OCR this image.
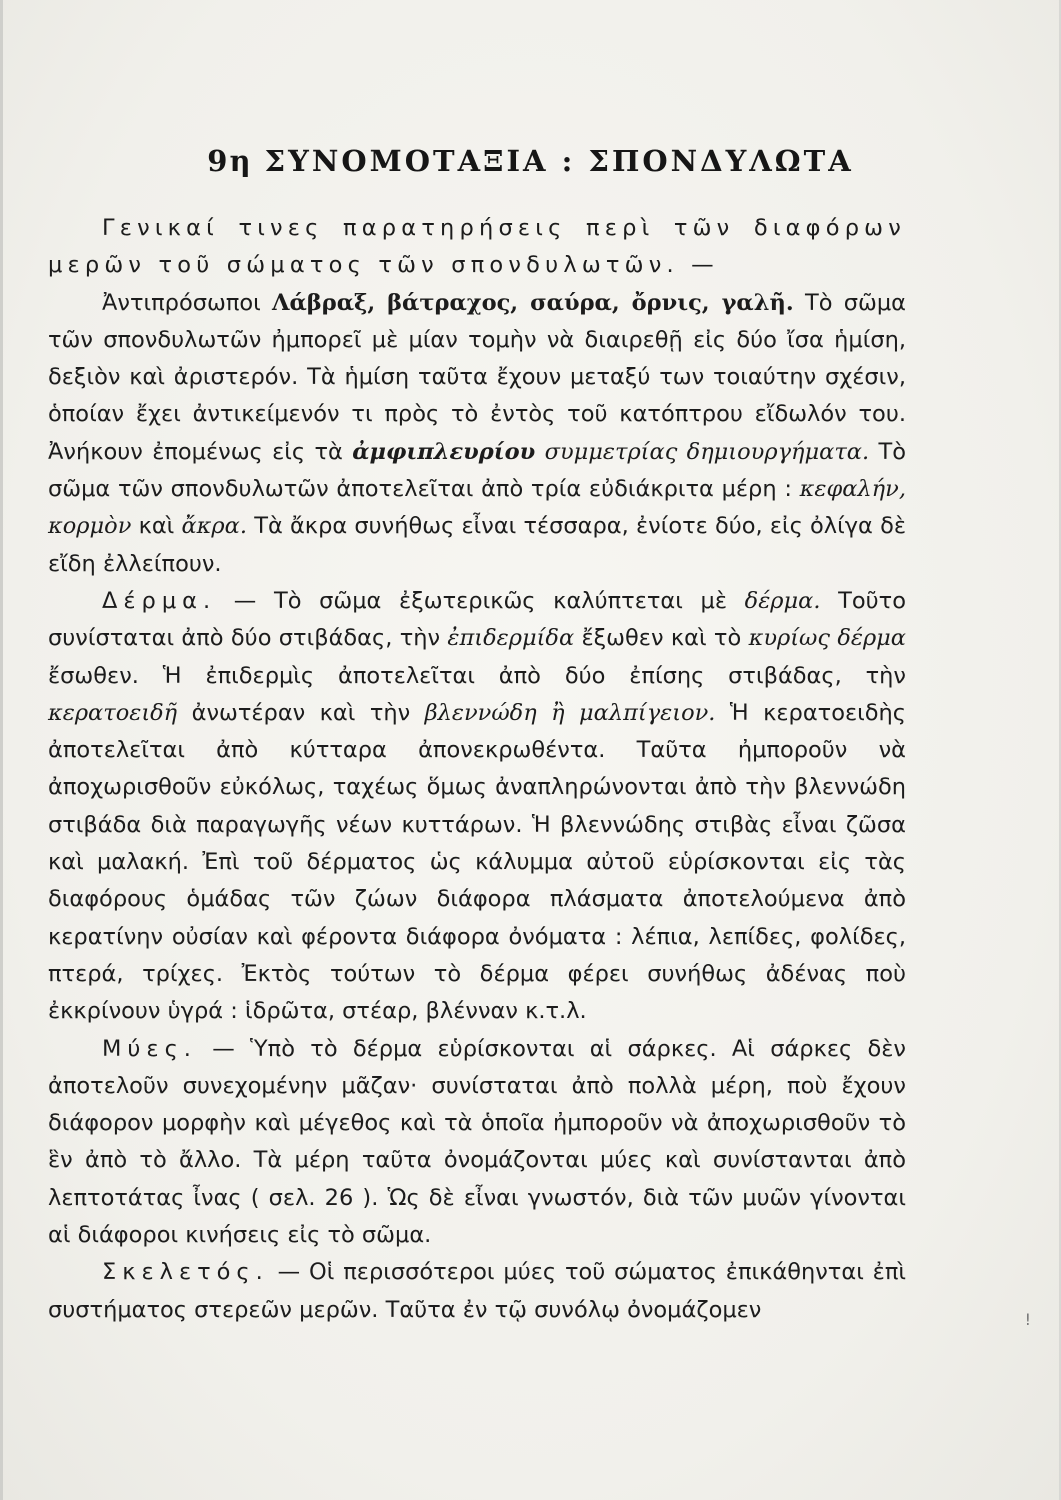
!
9η ΣΥΝΟΜΟΤΑΞΙΑ : ΣΠΟΝΔΥΛΩΤΑ
Γενικαί τινες παρατηρήσεις περὶ τῶν διαφόρων μερῶν τοῦ σώματος τῶν σπονδυλωτῶν. —
Ἀντιπρόσωποι Λάβραξ, βάτραχος, σαύρα, ὄρνις, γαλῆ. Τὸ σῶμα τῶν σπονδυλωτῶν ἠμπορεῖ μὲ μίαν τομὴν νὰ διαιρεθῇ εἰς δύο ἴσα ἡμίση, δεξιὸν καὶ ἀριστερόν. Τὰ ἡμίση ταῦτα ἔχουν μεταξύ των τοιαύτην σχέσιν, ὁποίαν ἔχει ἀντικείμενόν τι πρὸς τὸ ἐντὸς τοῦ κατόπτρου εἴδωλόν του. Ἀνήκουν ἐπομένως εἰς τὰ ἀμφιπλευρίου συμμετρίας δημιουργήματα. Τὸ σῶμα τῶν σπονδυλωτῶν ἀποτελεῖται ἀπὸ τρία εὐδιάκριτα μέρη : κεφαλήν, κορμὸν καὶ ἄκρα. Τὰ ἄκρα συνήθως εἶναι τέσσαρα, ἐνίοτε δύο, εἰς ὀλίγα δὲ εἴδη ἐλλείπουν.
Δέρμα. — Τὸ σῶμα ἐξωτερικῶς καλύπτεται μὲ δέρμα. Τοῦτο συνίσταται ἀπὸ δύο στιβάδας, τὴν ἐπιδερμίδα ἔξωθεν καὶ τὸ κυρίως δέρμα ἔσωθεν. Ἡ ἐπιδερμὶς ἀποτελεῖται ἀπὸ δύο ἐπίσης στιβάδας, τὴν κερατοειδῆ ἀνωτέραν καὶ τὴν βλεννώδη ἢ μαλπίγειον. Ἡ κερατοειδὴς ἀποτελεῖται ἀπὸ κύτταρα ἀπονεκρωθέντα. Ταῦτα ἠμποροῦν νὰ ἀποχωρισθοῦν εὐκόλως, ταχέως ὅμως ἀναπληρώνονται ἀπὸ τὴν βλεννώδη στιβάδα διὰ παραγωγῆς νέων κυττάρων. Ἡ βλεννώδης στιβὰς εἶναι ζῶσα καὶ μαλακή. Ἐπὶ τοῦ δέρματος ὡς κάλυμμα αὐτοῦ εὑρίσκονται εἰς τὰς διαφόρους ὁμάδας τῶν ζώων διάφορα πλάσματα ἀποτελούμενα ἀπὸ κερατίνην οὐσίαν καὶ φέροντα διάφορα ὀνόματα : λέπια, λεπίδες, φολίδες, πτερά, τρίχες. Ἐκτὸς τούτων τὸ δέρμα φέρει συνήθως ἀδένας ποὺ ἐκκρίνουν ὑγρά : ἱδρῶτα, στέαρ, βλένναν κ.τ.λ.
Μύες. — Ὑπὸ τὸ δέρμα εὑρίσκονται αἱ σάρκες. Αἱ σάρκες δὲν ἀποτελοῦν συνεχομένην μᾶζαν· συνίσταται ἀπὸ πολλὰ μέρη, ποὺ ἔχουν διάφορον μορφὴν καὶ μέγεθος καὶ τὰ ὁποῖα ἠμποροῦν νὰ ἀποχωρισθοῦν τὸ ἓν ἀπὸ τὸ ἄλλο. Τὰ μέρη ταῦτα ὀνομάζονται μύες καὶ συνίστανται ἀπὸ λεπτοτάτας ἶνας ( σελ. 26 ). Ὡς δὲ εἶναι γνωστόν, διὰ τῶν μυῶν γίνονται αἱ διάφοροι κινήσεις εἰς τὸ σῶμα.
Σκελετός. — Οἱ περισσότεροι μύες τοῦ σώματος ἐπικάθηνται ἐπὶ συστήματος στερεῶν μερῶν. Ταῦτα ἐν τῷ συνόλῳ ὀνομάζομεν
